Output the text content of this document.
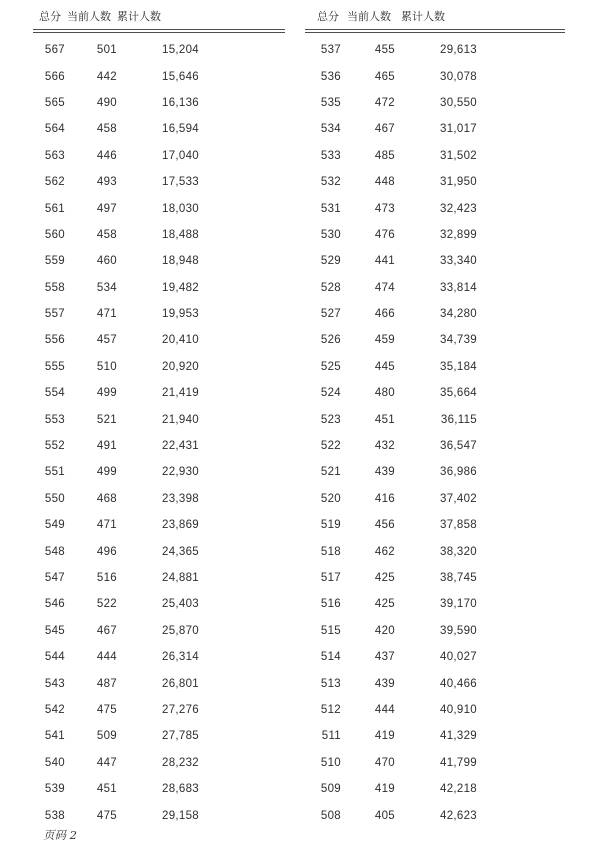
总分	当前人数	累计人数	
567	501	15,204	
566	442	15,646	
565	490	16,136	
564	458	16,594	
563	446	17,040	
562	493	17,533	
561	497	18,030	
560	458	18,488	
559	460	18,948	
558	534	19,482	
557	471	19,953	
556	457	20,410	
555	510	20,920	
554	499	21,419	
553	521	21,940	
552	491	22,431	
551	499	22,930	
550	468	23,398	
549	471	23,869	
548	496	24,365	
547	516	24,881	
546	522	25,403	
545	467	25,870	
544	444	26,314	
543	487	26,801	
542	475	27,276	
541	509	27,785	
540	447	28,232	
539	451	28,683	
538	475	29,158	
总分	当前人数	累计人数	
537	455	29,613	
536	465	30,078	
535	472	30,550	
534	467	31,017	
533	485	31,502	
532	448	31,950	
531	473	32,423	
530	476	32,899	
529	441	33,340	
528	474	33,814	
527	466	34,280	
526	459	34,739	
525	445	35,184	
524	480	35,664	
523	451	36,115	
522	432	36,547	
521	439	36,986	
520	416	37,402	
519	456	37,858	
518	462	38,320	
517	425	38,745	
516	425	39,170	
515	420	39,590	
514	437	40,027	
513	439	40,466	
512	444	40,910	
511	419	41,329	
510	470	41,799	
509	419	42,218	
508	405	42,623	
页码 2
